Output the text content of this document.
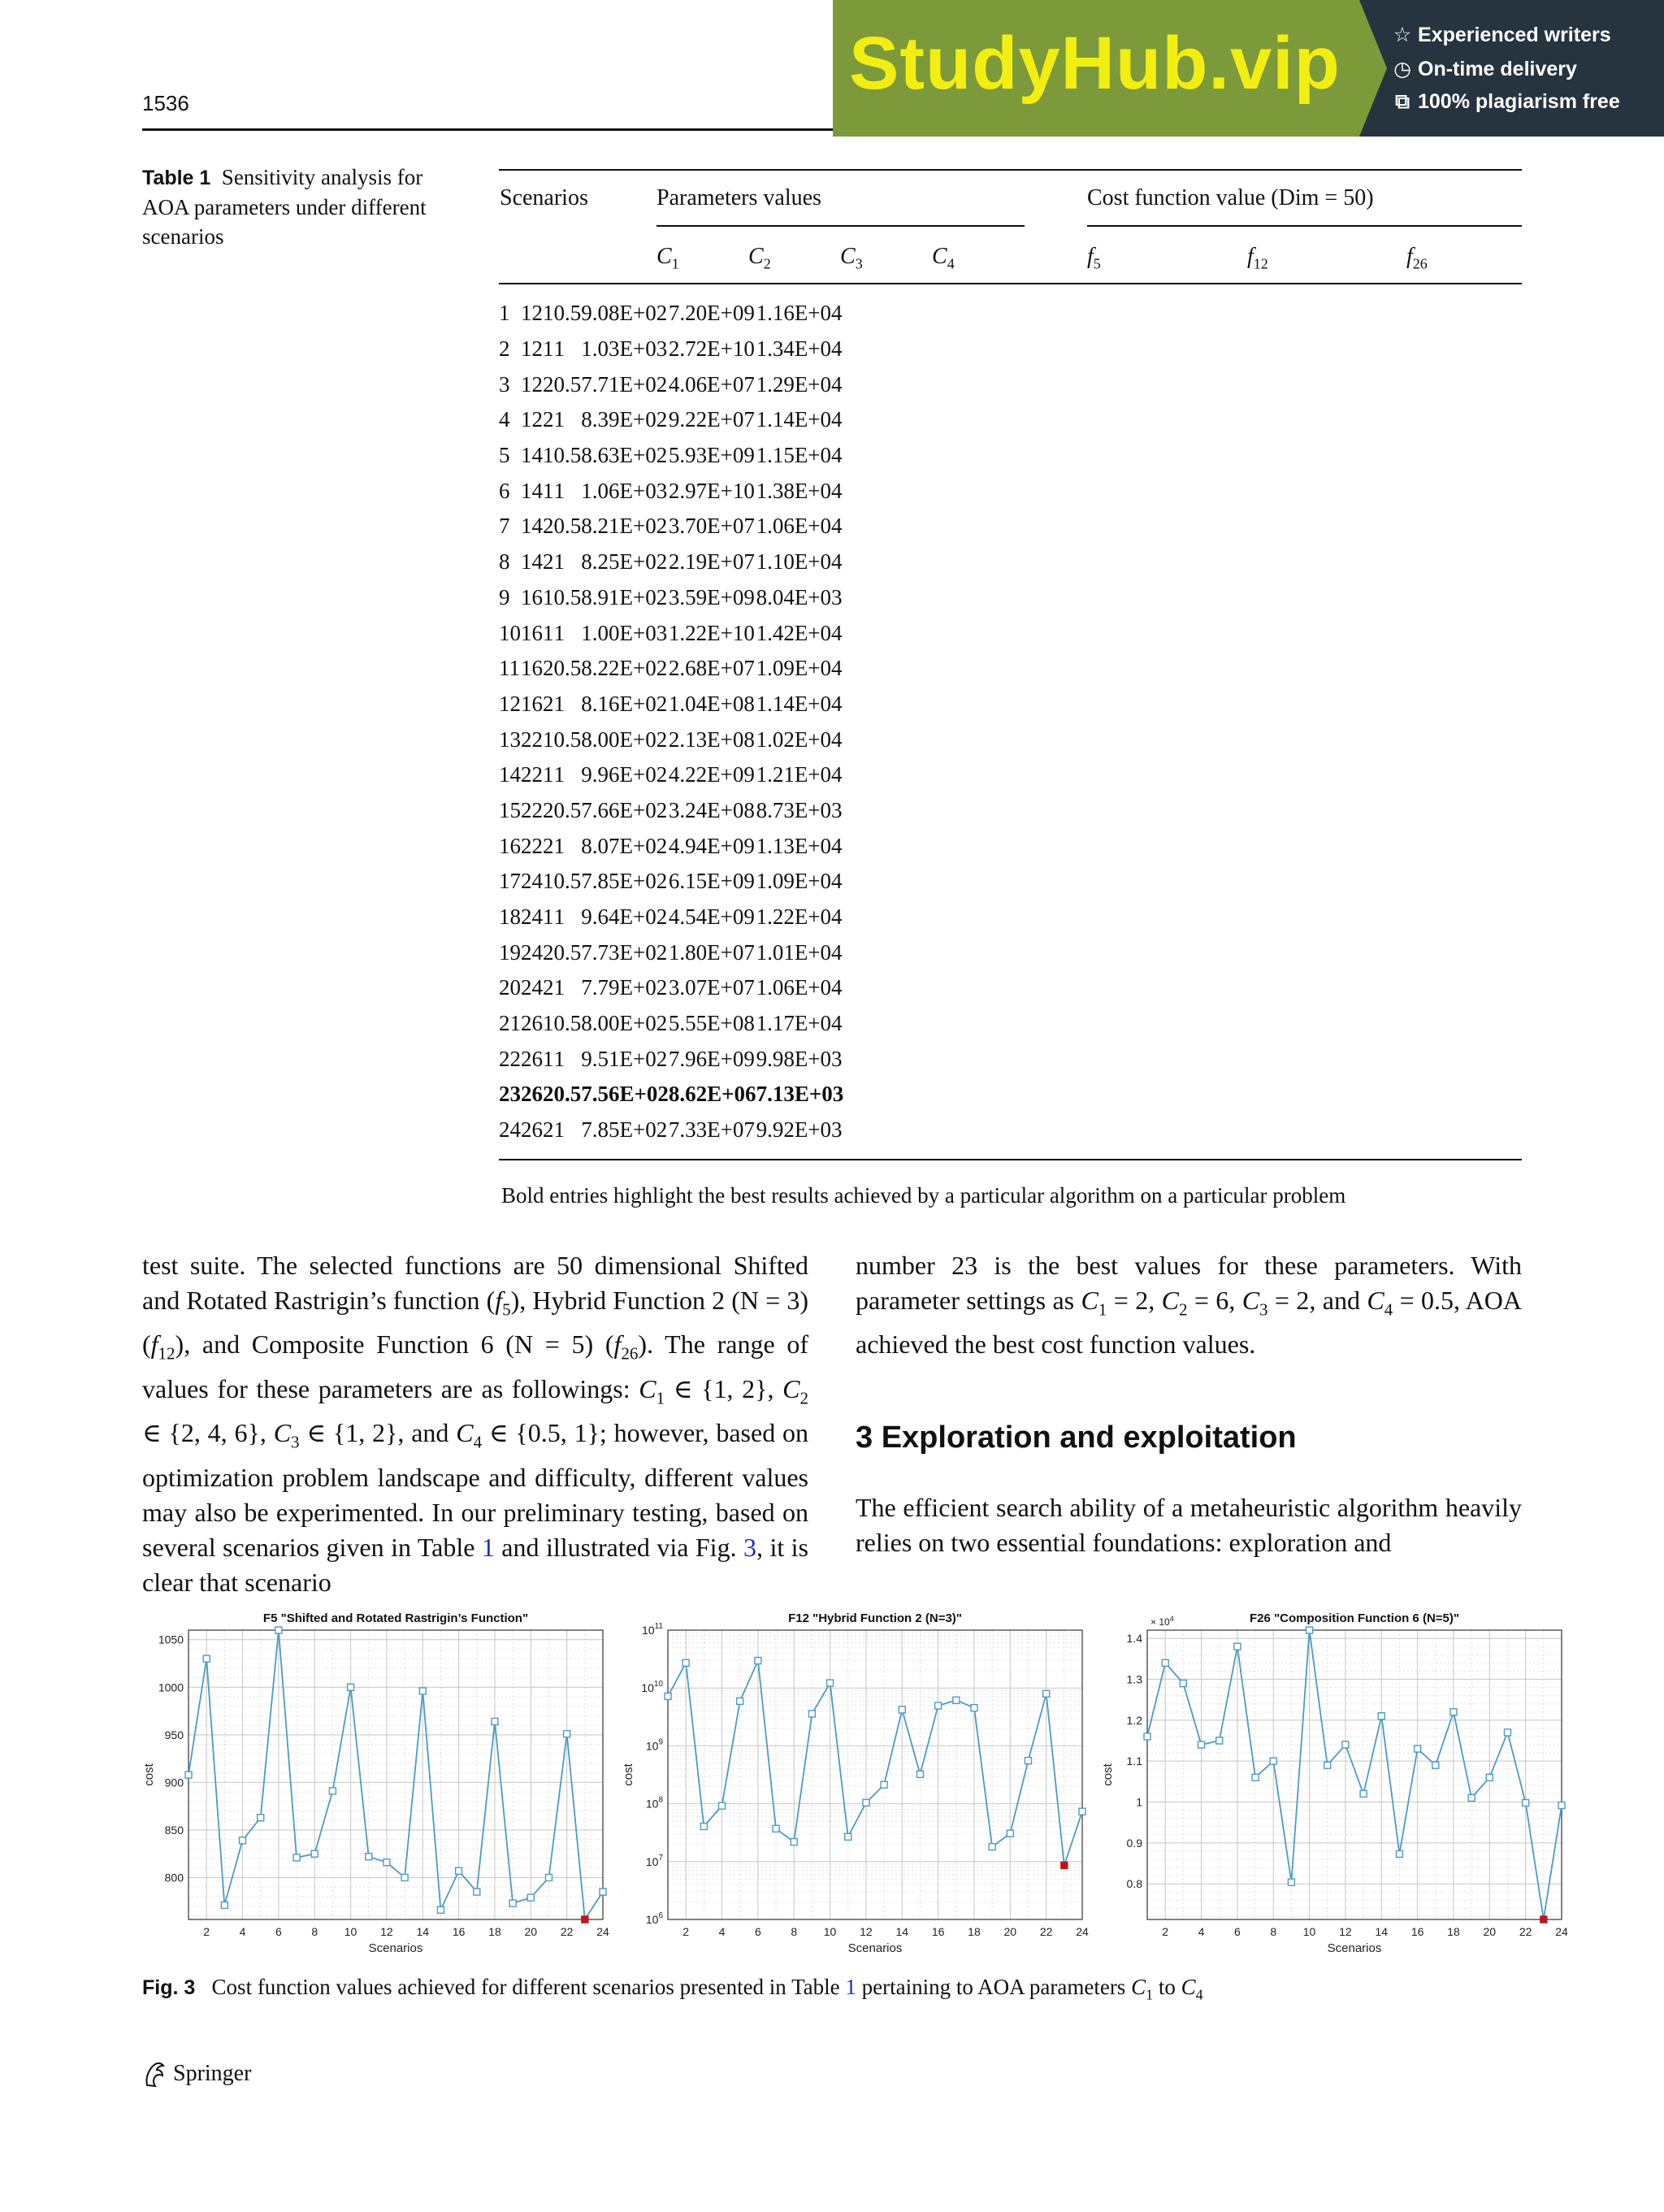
1536	StudyHub.vip	☆ Experienced writers
◷ On-time delivery
⧉ 100% plagiarism free
Table 1 Sensitivity analysis for AOA parameters under different scenarios
Scenarios	Parameters values	Cost function value (Dim = 50)
$C_1$	$C_2$	$C_3$	$C_4$	$f_5$	$f_{12}$	$f_{26}$
1	1	2	1	0.5	9.08E+02	7.20E+09	1.16E+04
2	1	2	1	1	1.03E+03	2.72E+10	1.34E+04
3	1	2	2	0.5	7.71E+02	4.06E+07	1.29E+04
4	1	2	2	1	8.39E+02	9.22E+07	1.14E+04
5	1	4	1	0.5	8.63E+02	5.93E+09	1.15E+04
6	1	4	1	1	1.06E+03	2.97E+10	1.38E+04
7	1	4	2	0.5	8.21E+02	3.70E+07	1.06E+04
8	1	4	2	1	8.25E+02	2.19E+07	1.10E+04
9	1	6	1	0.5	8.91E+02	3.59E+09	8.04E+03
10	1	6	1	1	1.00E+03	1.22E+10	1.42E+04
11	1	6	2	0.5	8.22E+02	2.68E+07	1.09E+04
12	1	6	2	1	8.16E+02	1.04E+08	1.14E+04
13	2	2	1	0.5	8.00E+02	2.13E+08	1.02E+04
14	2	2	1	1	9.96E+02	4.22E+09	1.21E+04
15	2	2	2	0.5	7.66E+02	3.24E+08	8.73E+03
16	2	2	2	1	8.07E+02	4.94E+09	1.13E+04
17	2	4	1	0.5	7.85E+02	6.15E+09	1.09E+04
18	2	4	1	1	9.64E+02	4.54E+09	1.22E+04
19	2	4	2	0.5	7.73E+02	1.80E+07	1.01E+04
20	2	4	2	1	7.79E+02	3.07E+07	1.06E+04
21	2	6	1	0.5	8.00E+02	5.55E+08	1.17E+04
22	2	6	1	1	9.51E+02	7.96E+09	9.98E+03
23	2	6	2	0.5	7.56E+02	8.62E+06	7.13E+03
24	2	6	2	1	7.85E+02	7.33E+07	9.92E+03
Bold entries highlight the best results achieved by a particular algorithm on a particular problem
test suite. The selected functions are 50 dimensional Shifted and Rotated Rastrigin’s function $(f_5)$, Hybrid Function 2 (N = 3) $(f_{12})$, and Composite Function 6 (N = 5) $(f_{26})$. The range of values for these parameters are as followings: $C_1$ ∈ {1, 2}, $C_2$ ∈ {2, 4, 6}, $C_3$ ∈ {1, 2}, and $C_4$ ∈ {0.5, 1}; however, based on optimization problem landscape and difficulty, different values may also be experimented. In our preliminary testing, based on several scenarios given in Table 1 and illustrated via Fig. 3, it is clear that scenario
number 23 is the best values for these parameters. With parameter settings as $C_1 = 2$, $C_2 = 6$, $C_3 = 2$, and $C_4 = 0.5$, AOA achieved the best cost function values.
3 Exploration and exploitation
The efficient search ability of a metaheuristic algorithm heavily relies on two essential foundations: exploration and
2	4	6	8 10 12 14 16 18 20 22 24
800
850
900
950
1000
1050
F5 "Shifted and Rotated Rastrigin’s Function"
Scenarios
cost
2	4	6	8 10 12 14 16 18 20 22 24
$10^6$
$10^7$
$10^8$
$10^9$
$10^{10}$
$10^{11}$
F12 "Hybrid Function 2 (N=3)"
Scenarios
cost
2	4	6	8 10 12 14 16 18 20 22 24
0.8
0.9
1
1.1
1.2
1.3
1.4
× $10^4$	F26 "Composition Function 6 (N=5)"
Scenarios
cost
Fig. 3 Cost function values achieved for different scenarios presented in Table 1 pertaining to AOA parameters $C_1$ to $C_4$
Springer
